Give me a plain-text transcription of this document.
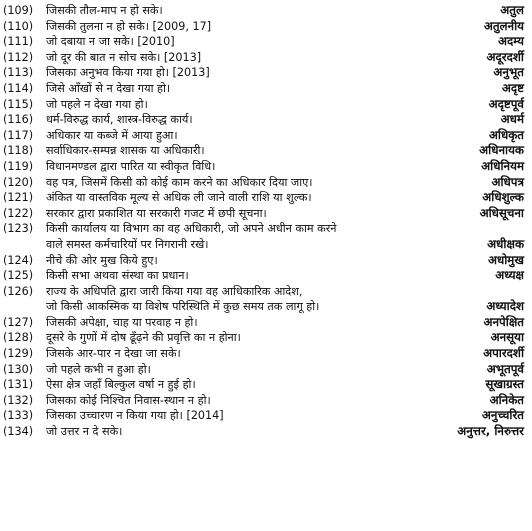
(109)	जिसकी तौल-माप न हो सके।	अतुल
(110)	जिसकी तुलना न हो सके। [2009, 17]	अतुलनीय
(111)	जो दबाया न जा सके। [2010]	अदम्य
(112)	जो दूर की बात न सोच सके। [2013]	अदूरदर्शी
(113)	जिसका अनुभव किया गया हो। [2013]	अनुभूत
(114)	जिसे आँखों से न देखा गया हो।	अदृष्ट
(115)	जो पहले न देखा गया हो।	अदृष्टपूर्व
(116)	धर्म-विरुद्ध कार्य, शास्त्र-विरुद्ध कार्य।	अधर्म
(117)	अधिकार या कब्जे में आया हुआ।	अधिकृत
(118)	सर्वाधिकार-सम्पन्न शासक या अधिकारी।	अधिनायक
(119)	विधानमण्डल द्वारा पारित या स्वीकृत विधि।	अधिनियम
(120)	वह पत्र, जिसमें किसी को कोई काम करने का अधिकार दिया जाए।	अधिपत्र
(121)	अंकित या वास्तविक मूल्य से अधिक ली जाने वाली राशि या शुल्क।	अधिशुल्क
(122)	सरकार द्वारा प्रकाशित या सरकारी गजट में छपी सूचना।	अधिसूचना
(123)	किसी कार्यालय या विभाग का वह अधिकारी, जो अपने अधीन काम करने
वाले समस्त कर्मचारियों पर निगरानी रखे।	अधीक्षक
(124)	नीचे की ओर मुख किये हुए।	अधोमुख
(125)	किसी सभा अथवा संस्था का प्रधान।	अध्यक्ष
(126)	राज्य के अधिपति द्वारा जारी किया गया वह आधिकारिक आदेश,
जो किसी आकस्मिक या विशेष परिस्थिति में कुछ समय तक लागू हो।	अध्यादेश
(127)	जिसकी अपेक्षा, चाह या परवाह न हो।	अनपेक्षित
(128)	दूसरे के गुणों में दोष ढूँढ़ने की प्रवृत्ति का न होना।	अनसूया
(129)	जिसके आर-पार न देखा जा सके।	अपारदर्शी
(130)	जो पहले कभी न हुआ हो।	अभूतपूर्व
(131)	ऐसा क्षेत्र जहाँ बिल्कुल वर्षा न हुई हो।	सूखाग्रस्त
(132)	जिसका कोई निश्चित निवास-स्थान न हो।	अनिकेत
(133)	जिसका उच्चारण न किया गया हो। [2014]	अनुच्चरित
(134)	जो उत्तर न दे सके।	अनुत्तर, निरुत्तर
